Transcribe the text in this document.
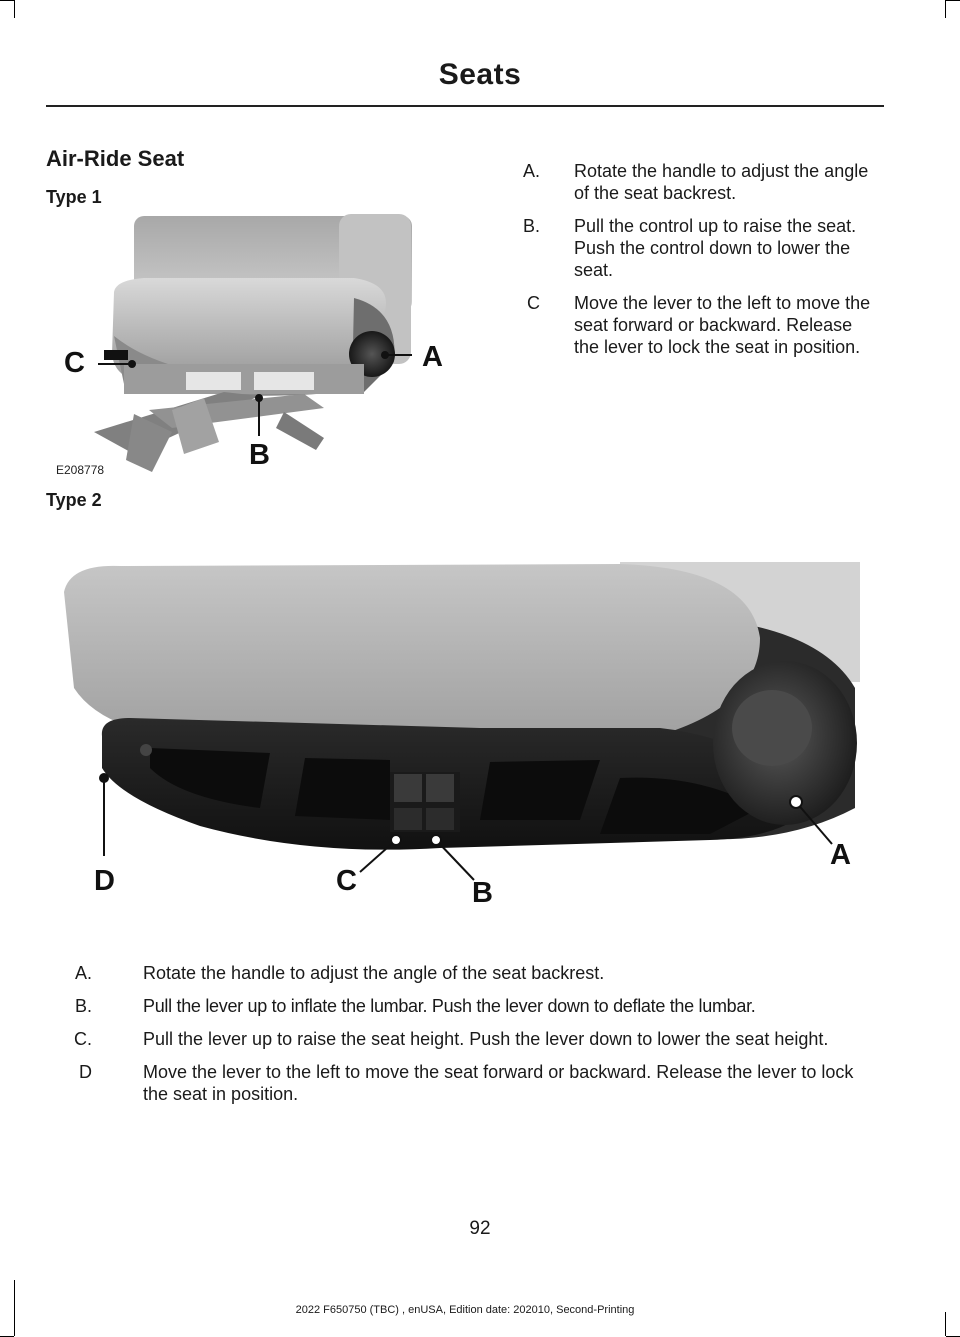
Seats
Air-Ride Seat
Type 1
A
B
C
E208778
A. Rotate the handle to adjust the angle of the seat backrest.
B. Pull the control up to raise the seat. Push the control down to lower the seat.
C Move the lever to the left to move the seat forward or backward. Release the lever to lock the seat in position.
Type 2
A
B
C
D
A.	Rotate the handle to adjust the angle of the seat backrest.
B.	Pull the lever up to inflate the lumbar. Push the lever down to deflate the lumbar.
C.	Pull the lever up to raise the seat height. Push the lever down to lower the seat height.
D	Move the lever to the left to move the seat forward or backward. Release the lever to lock the seat in position.
92
2022 F650750 (TBC) , enUSA, Edition date: 202010, Second-Printing
